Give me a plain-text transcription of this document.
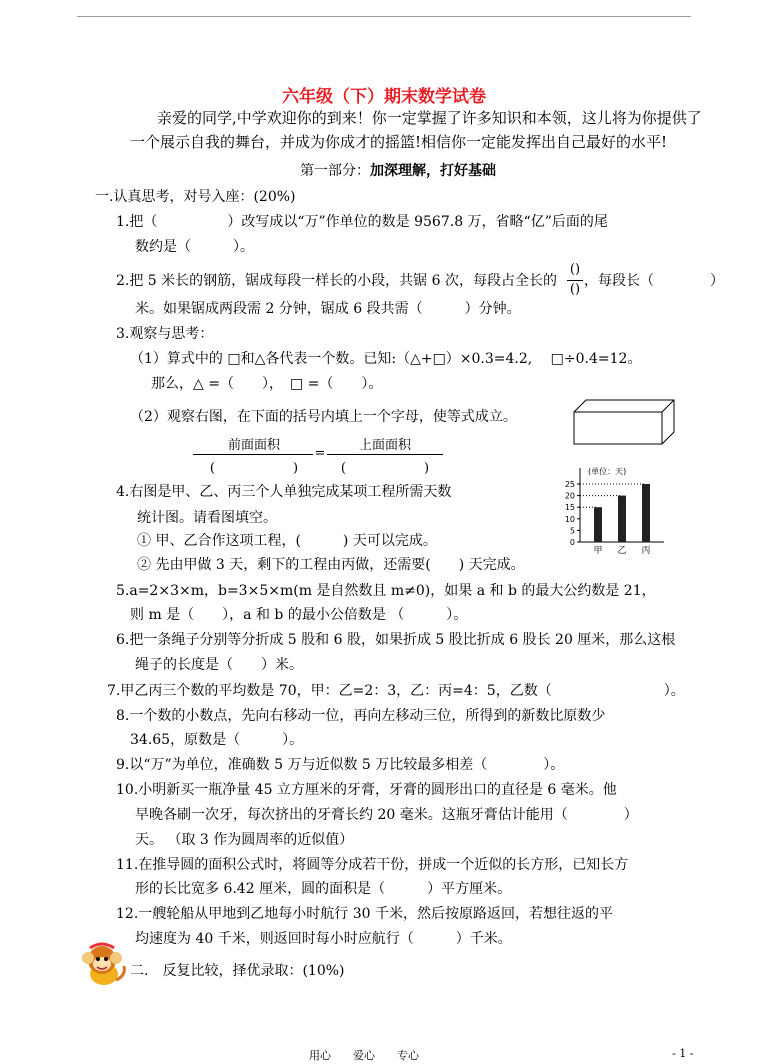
六年级（下）期末数学试卷
亲爱的同学,中学欢迎你的到来！你一定掌握了许多知识和本领，这儿将为你提供了
一个展示自我的舞台，并成为你成才的摇篮!相信你一定能发挥出自己最好的水平!
第一部分：加深理解，打好基础
一.认真思考，对号入座：(20%)
1.把（　　　　　）改写成以“万”作单位的数是 9567.8 万，省略“亿”后面的尾
数约是（　　　）。
2.把 5 米长的钢筋，锯成每段一样长的小段，共锯 6 次，每段占全长的
()
()
，每段长（　　　　）
米。如果锯成两段需 2 分钟，锯成 6 段共需（　　　）分钟。
3.观察与思考：
（1）算式中的 □和△各代表一个数。已知:（△+□）×0.3=4.2,　 □÷0.4=12。
那么，△ =（　　），　□ =（　　）。
（2）观察右图，在下面的括号内填上一个字母，使等式成立。
前面面积
(　　　　　　)
=
上面面积
(　　　　　　)
4.右图是甲、乙、丙三个人单独完成某项工程所需天数
统计图。请看图填空。
① 甲、乙合作这项工程，(　　　) 天可以完成。
② 先由甲做 3 天，剩下的工程由丙做，还需要(　　) 天完成。
(单位：天)
0
5
10
15
20
25
甲 乙 丙
5.a=2×3×m，b=3×5×m(m 是自然数且 m≠0)，如果 a 和 b 的最大公约数是 21，
则 m 是（　　），a 和 b 的最小公倍数是 （　　　）。
6.把一条绳子分别等分折成 5 股和 6 股，如果折成 5 股比折成 6 股长 20 厘米，那么这根
绳子的长度是（　　）米。
7.甲乙丙三个数的平均数是 70，甲：乙=2：3，乙：丙=4：5，乙数（　　　　　　　　）。
8.一个数的小数点，先向右移动一位，再向左移动三位，所得到的新数比原数少
34.65，原数是（　　　）。
9.以“万”为单位，准确数 5 万与近似数 5 万比较最多相差（　　　　）。
10.小明新买一瓶净量 45 立方厘米的牙膏，牙膏的圆形出口的直径是 6 毫米。他
早晚各刷一次牙，每次挤出的牙膏长约 20 毫米。这瓶牙膏估计能用（　　　　）
天。 （取 3 作为圆周率的近似值）
11.在推导圆的面积公式时，将圆等分成若干份，拼成一个近似的长方形，已知长方
形的长比宽多 6.42 厘米，圆的面积是（　　　）平方厘米。
12.一艘轮船从甲地到乙地每小时航行 30 千米，然后按原路返回，若想往返的平
均速度为 40 千米，则返回时每小时应航行（　　　）千米。
二.　反复比较，择优录取：(10%)
用心　　爱心　　专心	- 1 -
